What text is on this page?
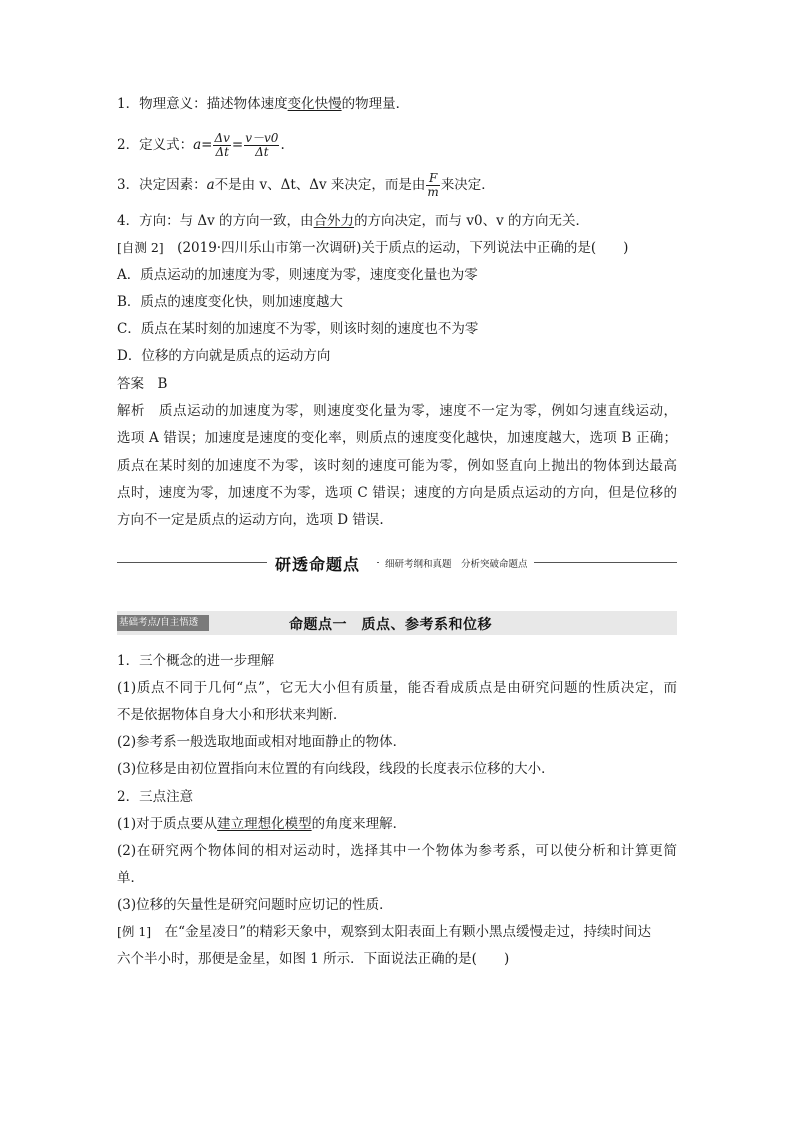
1．物理意义：描述物体速度变化快慢的物理量．
2．定义式：$a= \frac{\Delta v}{\Delta t} = \frac{v-v0}{\Delta t}$ .
3．决定因素：a不是由 v、Δt、Δv 来决定，而是由 $\frac{F}{m}$ 来决定．
4．方向：与 Δv 的方向一致，由合外力的方向决定，而与 v0、v 的方向无关．
[自测 2]　(2019·四川乐山市第一次调研)关于质点的运动，下列说法中正确的是(　　)
A．质点运动的加速度为零，则速度为零，速度变化量也为零
B．质点的速度变化快，则加速度越大
C．质点在某时刻的加速度不为零，则该时刻的速度也不为零
D．位移的方向就是质点的运动方向
答案　B
解析　质点运动的加速度为零，则速度变化量为零，速度不一定为零，例如匀速直线运动，
选项 A 错误；加速度是速度的变化率，则质点的速度变化越快，加速度越大，选项 B 正确；
质点在某时刻的加速度不为零，该时刻的速度可能为零，例如竖直向上抛出的物体到达最高
点时，速度为零，加速度不为零，选项 C 错误；速度的方向是质点运动的方向，但是位移的
方向不一定是质点的运动方向，选项 D 错误.
研透命题点	细研考纲和真题　分析突破命题点
基础考点/自主悟透	命题点一　质点、参考系和位移
1．三个概念的进一步理解
(1)质点不同于几何“点”，它无大小但有质量，能否看成质点是由研究问题的性质决定，而
不是依据物体自身大小和形状来判断．
(2)参考系一般选取地面或相对地面静止的物体．
(3)位移是由初位置指向末位置的有向线段，线段的长度表示位移的大小．
2．三点注意
(1)对于质点要从建立理想化模型的角度来理解．
(2)在研究两个物体间的相对运动时，选择其中一个物体为参考系，可以使分析和计算更简
单．
(3)位移的矢量性是研究问题时应切记的性质．
[例 1]　在“金星凌日”的精彩天象中，观察到太阳表面上有颗小黑点缓慢走过，持续时间达
六个半小时，那便是金星，如图 1 所示．下面说法正确的是(　　)
